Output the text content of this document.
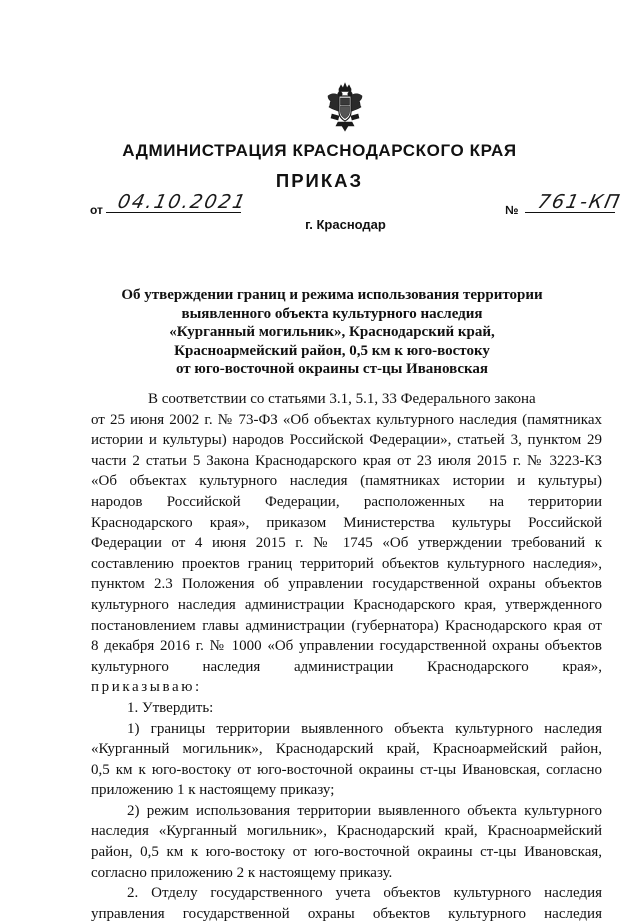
АДМИНИСТРАЦИЯ КРАСНОДАРСКОГО КРАЯ
ПРИКАЗ
от 04.10.2021	№ 761-КП
г. Краснодар
Об утверждении границ и режима использования территории
выявленного объекта культурного наследия
«Курганный могильник», Краснодарский край,
Красноармейский район, 0,5 км к юго-востоку
от юго-восточной окраины ст-цы Ивановская
В соответствии со статьями 3.1, 5.1, 33 Федерального закона
от 25 июня 2002 г. № 73-ФЗ «Об объектах культурного наследия (памятниках
истории и культуры) народов Российской Федерации», статьей 3, пунктом 29
части 2 статьи 5 Закона Краснодарского края от 23 июля 2015 г. № 3223-КЗ
«Об объектах культурного наследия (памятниках истории и культуры)
народов Российской Федерации, расположенных на территории
Краснодарского края», приказом Министерства культуры Российской
Федерации от 4 июня 2015 г. № 1745 «Об утверждении требований к
составлению проектов границ территорий объектов культурного наследия»,
пунктом 2.3 Положения об управлении государственной охраны объектов
культурного наследия администрации Краснодарского края, утвержденного
постановлением главы администрации (губернатора) Краснодарского края от
8 декабря 2016 г. № 1000 «Об управлении государственной охраны объектов
культурного наследия администрации Краснодарского края»,
приказываю:
1. Утвердить:
1) границы территории выявленного объекта культурного наследия
«Курганный могильник», Краснодарский край, Красноармейский район,
0,5 км к юго-востоку от юго-восточной окраины ст-цы Ивановская, согласно
приложению 1 к настоящему приказу;
2) режим использования территории выявленного объекта культурного
наследия «Курганный могильник», Краснодарский край, Красноармейский
район, 0,5 км к юго-востоку от юго-восточной окраины ст-цы Ивановская,
согласно приложению 2 к настоящему приказу.
2. Отделу государственного учета объектов культурного наследия
управления государственной охраны объектов культурного наследия
